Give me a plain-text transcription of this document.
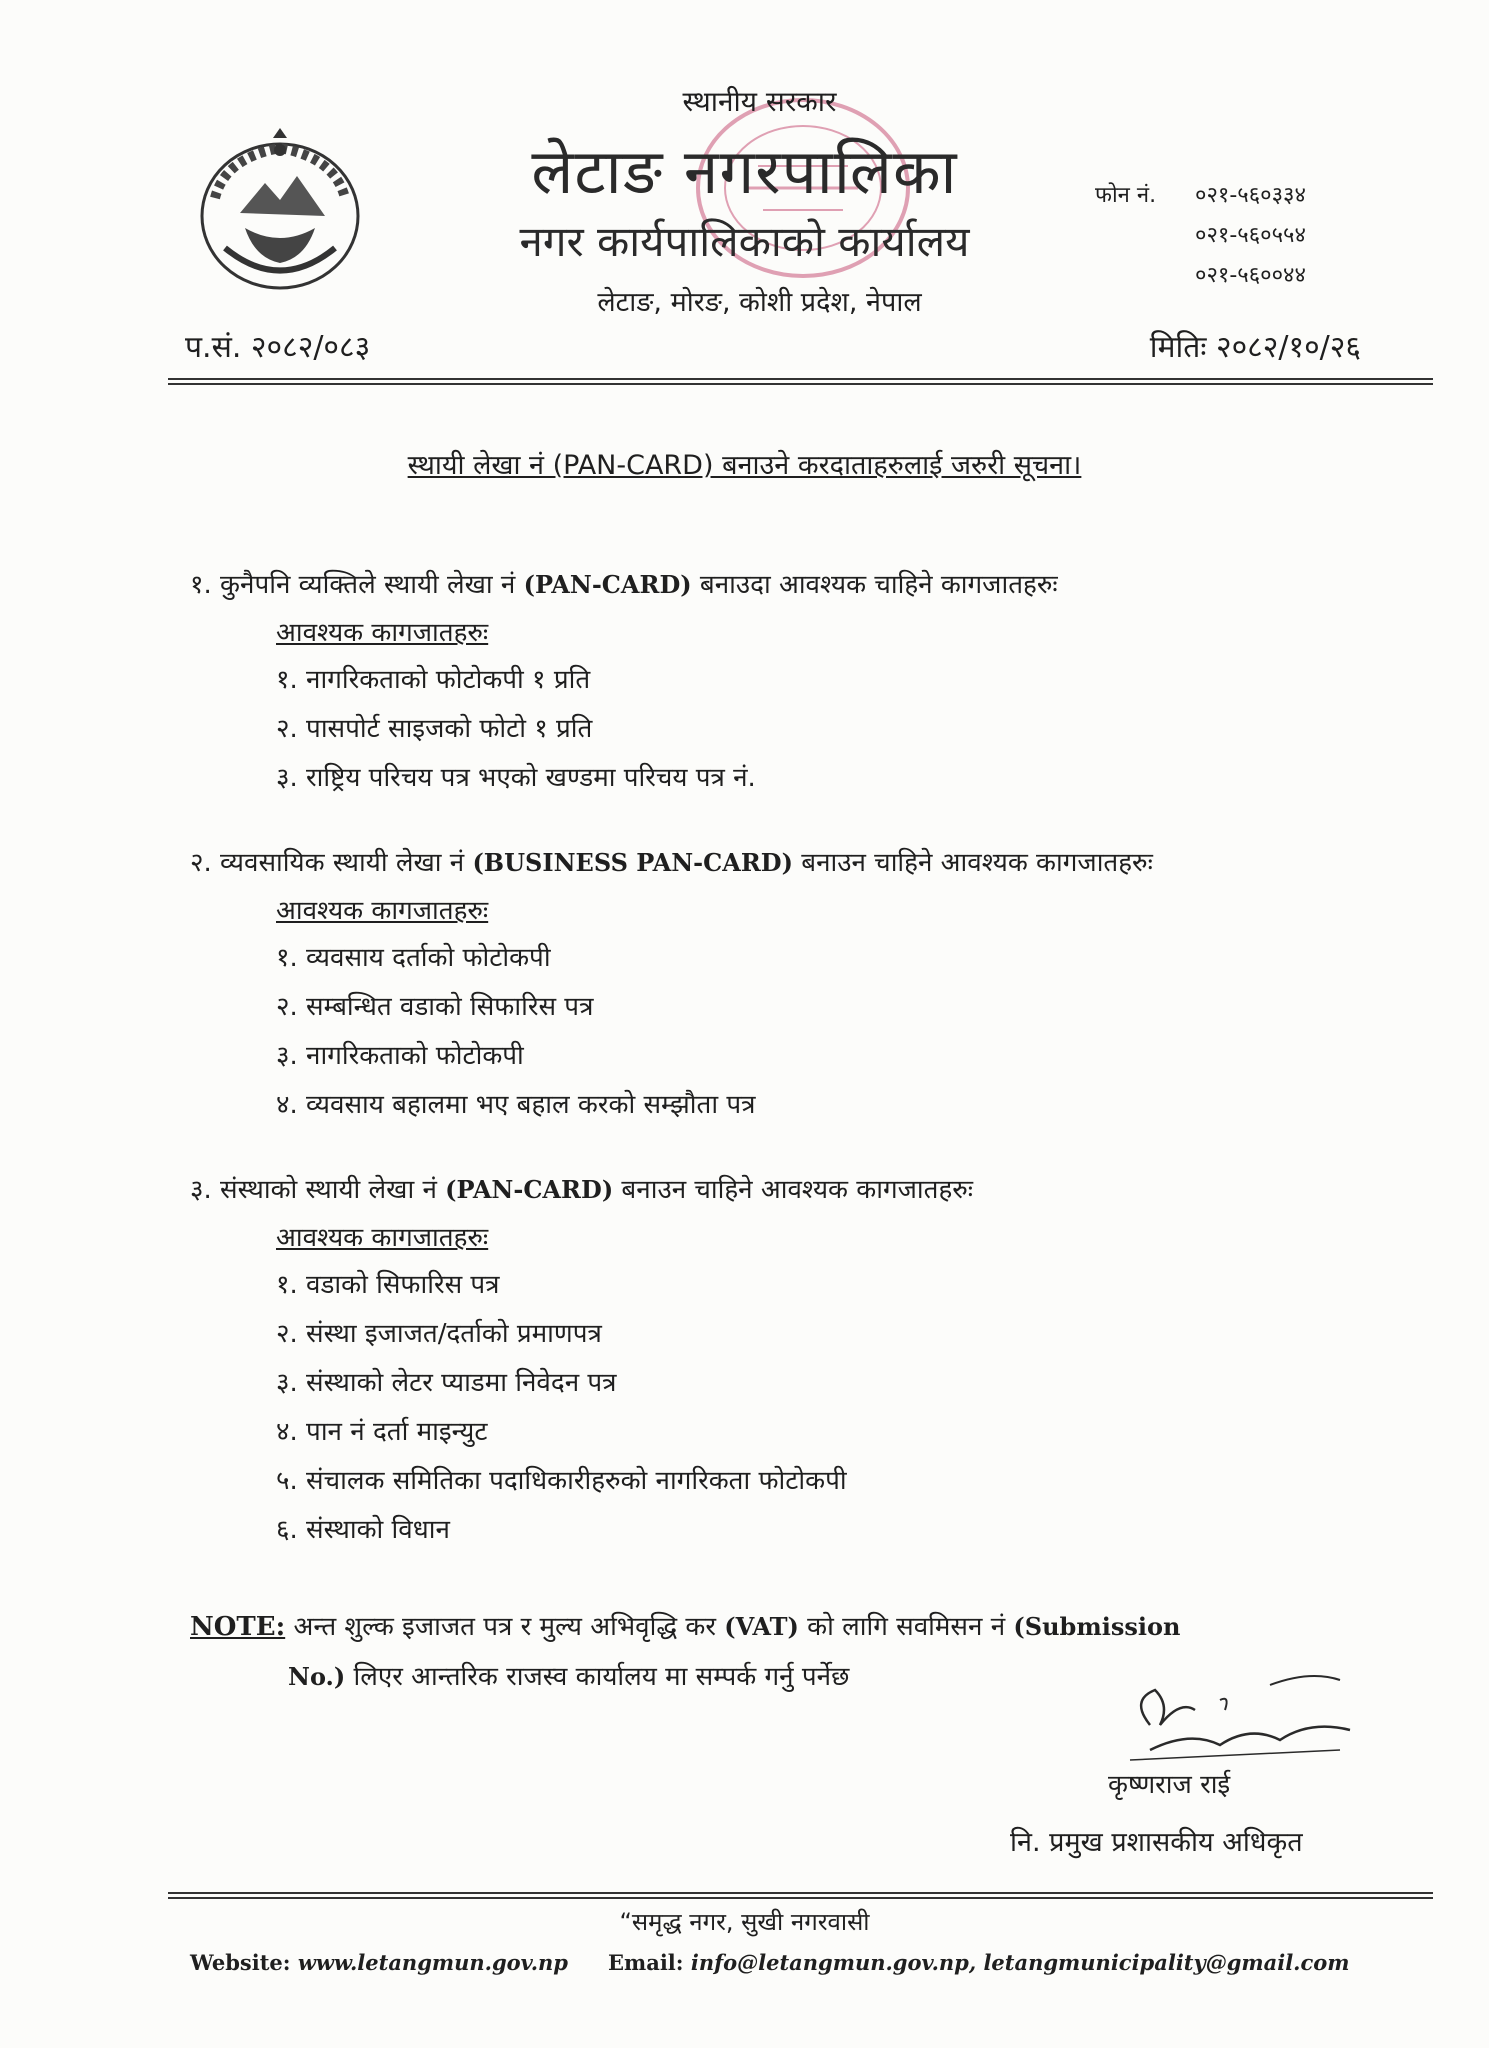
स्थानीय सरकार
लेटाङ नगरपालिका
नगर कार्यपालिकाको कार्यालय
लेटाङ, मोरङ, कोशी प्रदेश, नेपाल
फोन नं.	०२१-५६०३३४
०२१-५६०५५४
०२१-५६००४४
प.सं. २०८२/०८३	मितिः २०८२/१०/२६
स्थायी लेखा नं (PAN-CARD) बनाउने करदाताहरुलाई जरुरी सूचना।
१. कुनैपनि व्यक्तिले स्थायी लेखा नं (PAN-CARD) बनाउदा आवश्यक चाहिने कागजातहरुः
आवश्यक कागजातहरुः
१. नागरिकताको फोटोकपी १ प्रति
२. पासपोर्ट साइजको फोटो १ प्रति
३. राष्ट्रिय परिचय पत्र भएको खण्डमा परिचय पत्र नं.
२. व्यवसायिक स्थायी लेखा नं (BUSINESS PAN-CARD) बनाउन चाहिने आवश्यक कागजातहरुः
आवश्यक कागजातहरुः
१. व्यवसाय दर्ताको फोटोकपी
२. सम्बन्धित वडाको सिफारिस पत्र
३. नागरिकताको फोटोकपी
४. व्यवसाय बहालमा भए बहाल करको सम्झौता पत्र
३. संस्थाको स्थायी लेखा नं (PAN-CARD) बनाउन चाहिने आवश्यक कागजातहरुः
आवश्यक कागजातहरुः
१. वडाको सिफारिस पत्र
२. संस्था इजाजत/दर्ताको प्रमाणपत्र
३. संस्थाको लेटर प्याडमा निवेदन पत्र
४. पान नं दर्ता माइन्युट
५. संचालक समितिका पदाधिकारीहरुको नागरिकता फोटोकपी
६. संस्थाको विधान
NOTE: अन्त शुल्क इजाजत पत्र र मुल्य अभिवृद्धि कर (VAT) को लागि सवमिसन नं (Submission
No.) लिएर आन्तरिक राजस्व कार्यालय मा सम्पर्क गर्नु पर्नेछ
कृष्णराज राई
नि. प्रमुख प्रशासकीय अधिकृत
“समृद्ध नगर, सुखी नगरवासी
Website: www.letangmun.gov.np Email: info@letangmun.gov.np, letangmunicipality@gmail.com
